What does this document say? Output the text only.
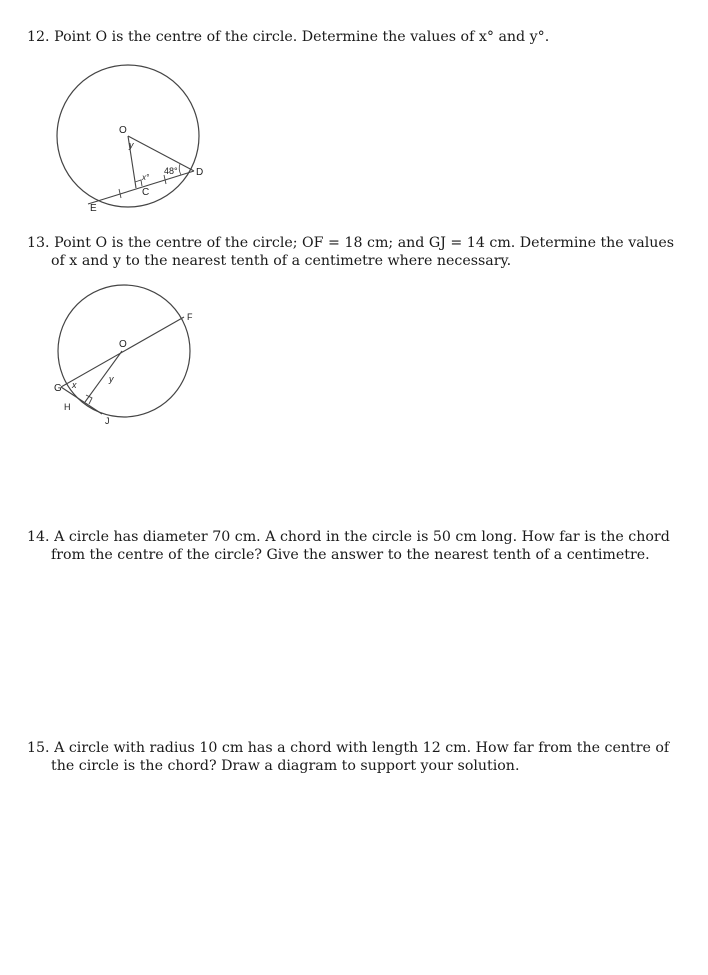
12. Point O is the centre of the circle. Determine the values of x° and y°.
O
y
48° D
x°
C
E
13. Point O is the centre of the circle; OF = 18 cm; and GJ = 14 cm. Determine the values of x and y to the nearest tenth of a centimetre where necessary.
F
O
G x
y
H
J
14. A circle has diameter 70 cm. A chord in the circle is 50 cm long. How far is the chord from the centre of the circle? Give the answer to the nearest tenth of a centimetre.
15. A circle with radius 10 cm has a chord with length 12 cm. How far from the centre of the circle is the chord? Draw a diagram to support your solution.
